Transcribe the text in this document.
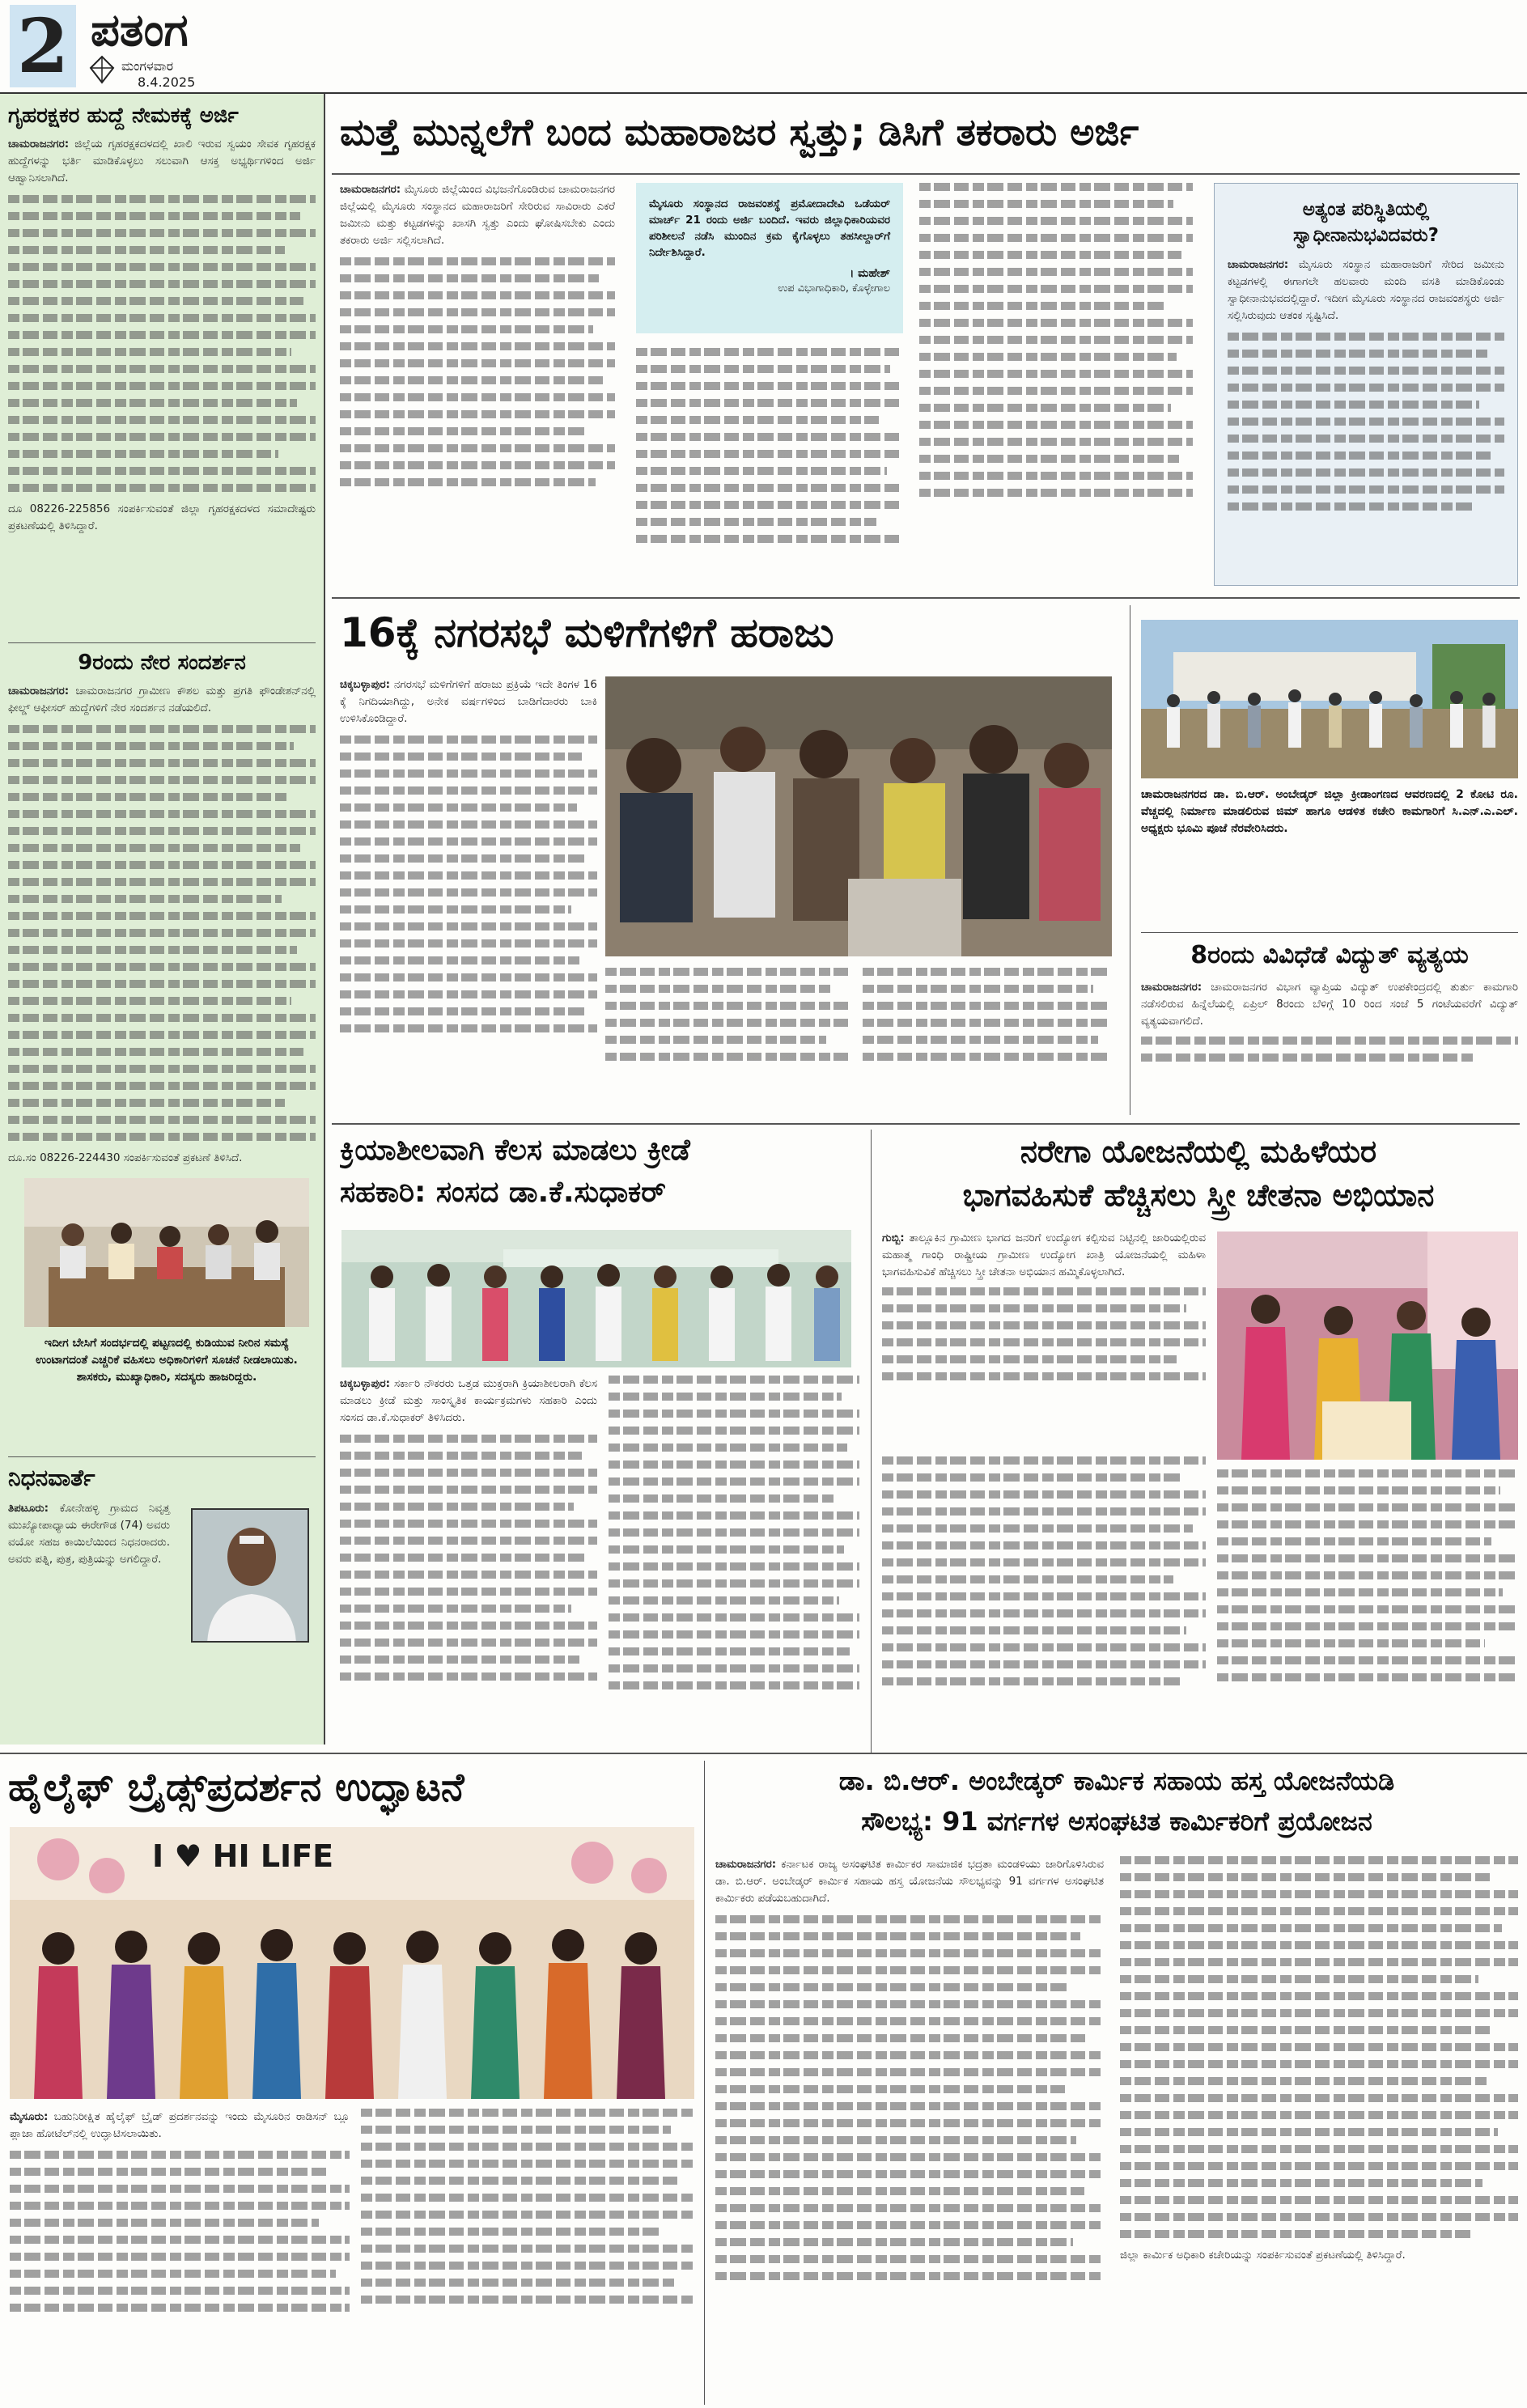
2 ಪತಂಗ
ಮಂಗಳವಾರ
8.4.2025
ಗೃಹರಕ್ಷಕರ ಹುದ್ದೆ ನೇಮಕಕ್ಕೆ ಅರ್ಜಿ
ಚಾಮರಾಜನಗರ: ಜಿಲ್ಲೆಯ ಗೃಹರಕ್ಷಕದಳದಲ್ಲಿ ಖಾಲಿ ಇರುವ ಸ್ವಯಂ ಸೇವಕ ಗೃಹರಕ್ಷಕ ಹುದ್ದೆಗಳನ್ನು ಭರ್ತಿ ಮಾಡಿಕೊಳ್ಳಲು ಸಲುವಾಗಿ ಆಸಕ್ತ ಅಭ್ಯರ್ಥಿಗಳಿಂದ ಅರ್ಜಿ ಆಹ್ವಾನಿಸಲಾಗಿದೆ.
ದೂ 08226-225856 ಸಂಪರ್ಕಿಸುವಂತೆ ಜಿಲ್ಲಾ ಗೃಹರಕ್ಷಕದಳದ ಸಮಾದೇಷ್ಟರು ಪ್ರಕಟಣೆಯಲ್ಲಿ ತಿಳಿಸಿದ್ದಾರೆ.
9ರಂದು ನೇರ ಸಂದರ್ಶನ
ಚಾಮರಾಜನಗರ: ಚಾಮರಾಜನಗರ ಗ್ರಾಮೀಣ ಕೌಶಲ ಮತ್ತು ಪ್ರಗತಿ ಫೌಂಡೇಶನ್‌ನಲ್ಲಿ ಫೀಲ್ಡ್ ಆಫೀಸರ್ ಹುದ್ದೆಗಳಿಗೆ ನೇರ ಸಂದರ್ಶನ ನಡೆಯಲಿದೆ.
ದೂ.ಸಂ 08226-224430 ಸಂಪರ್ಕಿಸುವಂತೆ ಪ್ರಕಟಣೆ ತಿಳಿಸಿದೆ.
ಇದೀಗ ಬೇಸಿಗೆ ಸಂದರ್ಭದಲ್ಲಿ ಪಟ್ಟಣದಲ್ಲಿ ಕುಡಿಯುವ ನೀರಿನ ಸಮಸ್ಯೆ ಉಂಟಾಗದಂತೆ ಎಚ್ಚರಿಕೆ ವಹಿಸಲು ಅಧಿಕಾರಿಗಳಿಗೆ ಸೂಚನೆ ನೀಡಲಾಯಿತು. ಶಾಸಕರು, ಮುಖ್ಯಾಧಿಕಾರಿ, ಸದಸ್ಯರು ಹಾಜರಿದ್ದರು.
ನಿಧನವಾರ್ತೆ
ತಿಪಟೂರು: ಕೋನೇಹಳ್ಳಿ ಗ್ರಾಮದ ನಿವೃತ್ತ ಮುಖ್ಯೋಪಾಧ್ಯಾಯ ಈರೇಗೌಡ (74) ಅವರು ವಯೋ ಸಹಜ ಕಾಯಿಲೆಯಿಂದ ನಿಧನರಾದರು. ಅವರು ಪತ್ನಿ, ಪುತ್ರ, ಪುತ್ರಿಯನ್ನು ಅಗಲಿದ್ದಾರೆ.
ಮತ್ತೆ ಮುನ್ನಲೆಗೆ ಬಂದ ಮಹಾರಾಜರ ಸ್ವತ್ತು; ಡಿಸಿಗೆ ತಕರಾರು ಅರ್ಜಿ
ಚಾಮರಾಜನಗರ: ಮೈಸೂರು ಜಿಲ್ಲೆಯಿಂದ ವಿಭಜನೆಗೊಂಡಿರುವ ಚಾಮರಾಜನಗರ ಜಿಲ್ಲೆಯಲ್ಲಿ ಮೈಸೂರು ಸಂಸ್ಥಾನದ ಮಹಾರಾಜರಿಗೆ ಸೇರಿರುವ ಸಾವಿರಾರು ಎಕರೆ ಜಮೀನು ಮತ್ತು ಕಟ್ಟಡಗಳನ್ನು ಖಾಸಗಿ ಸ್ವತ್ತು ಎಂದು ಘೋಷಿಸಬೇಕು ಎಂದು ತಕರಾರು ಅರ್ಜಿ ಸಲ್ಲಿಸಲಾಗಿದೆ.
ಮೈಸೂರು ಸಂಸ್ಥಾನದ ರಾಜವಂಶಸ್ಥೆ ಪ್ರಮೋದಾದೇವಿ ಒಡೆಯರ್ ಮಾರ್ಚ್ 21 ರಂದು ಅರ್ಜಿ ಬಂದಿದೆ. ಇವರು ಜಿಲ್ಲಾಧಿಕಾರಿಯವರ ಪರಿಶೀಲನೆ ನಡೆಸಿ ಮುಂದಿನ ಕ್ರಮ ಕೈಗೊಳ್ಳಲು ತಹಸೀಲ್ದಾರ್‌ಗೆ ನಿರ್ದೇಶಿಸಿದ್ದಾರೆ.
। ಮಹೇಶ್
ಉಪ ವಿಭಾಗಾಧಿಕಾರಿ, ಕೊಳ್ಳೇಗಾಲ
ಅತ್ಯಂತ ಪರಿಸ್ಥಿತಿಯಲ್ಲಿ ಸ್ವಾಧೀನಾನುಭವಿದವರು?
ಚಾಮರಾಜನಗರ: ಮೈಸೂರು ಸಂಸ್ಥಾನ ಮಹಾರಾಜರಿಗೆ ಸೇರಿದ ಜಮೀನು ಕಟ್ಟಡಗಳಲ್ಲಿ ಈಗಾಗಲೇ ಹಲವಾರು ಮಂದಿ ವಸತಿ ಮಾಡಿಕೊಂಡು ಸ್ವಾಧೀನಾನುಭವದಲ್ಲಿದ್ದಾರೆ. ಇದೀಗ ಮೈಸೂರು ಸಂಸ್ಥಾನದ ರಾಜವಂಶಸ್ಥರು ಅರ್ಜಿ ಸಲ್ಲಿಸಿರುವುದು ಆತಂಕ ಸೃಷ್ಟಿಸಿದೆ.
16ಕ್ಕೆ ನಗರಸಭೆ ಮಳಿಗೆಗಳಿಗೆ ಹರಾಜು
ಚಿಕ್ಕಬಳ್ಳಾಪುರ: ನಗರಸಭೆ ಮಳಿಗೆಗಳಿಗೆ ಹರಾಜು ಪ್ರಕ್ರಿಯೆ ಇದೇ ತಿಂಗಳ 16 ಕ್ಕೆ ನಿಗದಿಯಾಗಿದ್ದು, ಅನೇಕ ವರ್ಷಗಳಿಂದ ಬಾಡಿಗೆದಾರರು ಬಾಕಿ ಉಳಿಸಿಕೊಂಡಿದ್ದಾರೆ.
ಚಾಮರಾಜನಗರದ ಡಾ. ಬಿ.ಆರ್. ಅಂಬೇಡ್ಕರ್ ಜಿಲ್ಲಾ ಕ್ರೀಡಾಂಗಣದ ಆವರಣದಲ್ಲಿ 2 ಕೋಟಿ ರೂ. ವೆಚ್ಚದಲ್ಲಿ ನಿರ್ಮಾಣ ಮಾಡಲಿರುವ ಜಿಮ್ ಹಾಗೂ ಆಡಳಿತ ಕಚೇರಿ ಕಾಮಗಾರಿಗೆ ಸಿ.ಎನ್.ಎ.ಎಲ್. ಅಧ್ಯಕ್ಷರು ಭೂಮಿ ಪೂಜೆ ನೆರವೇರಿಸಿದರು.
8ರಂದು ವಿವಿಧೆಡೆ ವಿದ್ಯುತ್ ವ್ಯತ್ಯಯ
ಚಾಮರಾಜನಗರ: ಚಾಮರಾಜನಗರ ವಿಭಾಗ ವ್ಯಾಪ್ತಿಯ ವಿದ್ಯುತ್ ಉಪಕೇಂದ್ರದಲ್ಲಿ ತುರ್ತು ಕಾಮಗಾರಿ ನಡೆಸಲಿರುವ ಹಿನ್ನೆಲೆಯಲ್ಲಿ ಏಪ್ರಿಲ್ 8ರಂದು ಬೆಳಿಗ್ಗೆ 10 ರಿಂದ ಸಂಜೆ 5 ಗಂಟೆಯವರೆಗೆ ವಿದ್ಯುತ್ ವ್ಯತ್ಯಯವಾಗಲಿದೆ.
ಕ್ರಿಯಾಶೀಲವಾಗಿ ಕೆಲಸ ಮಾಡಲು ಕ್ರೀಡೆ
ಸಹಕಾರಿ: ಸಂಸದ ಡಾ.ಕೆ.ಸುಧಾಕರ್
ಚಿಕ್ಕಬಳ್ಳಾಪುರ: ಸರ್ಕಾರಿ ನೌಕರರು ಒತ್ತಡ ಮುಕ್ತರಾಗಿ ಕ್ರಿಯಾಶೀಲರಾಗಿ ಕೆಲಸ ಮಾಡಲು ಕ್ರೀಡೆ ಮತ್ತು ಸಾಂಸ್ಕೃತಿಕ ಕಾರ್ಯಕ್ರಮಗಳು ಸಹಕಾರಿ ಎಂದು ಸಂಸದ ಡಾ.ಕೆ.ಸುಧಾಕರ್ ತಿಳಿಸಿದರು.
ನರೇಗಾ ಯೋಜನೆಯಲ್ಲಿ ಮಹಿಳೆಯರ
ಭಾಗವಹಿಸುಕೆ ಹೆಚ್ಚಿಸಲು ಸ್ತ್ರೀ ಚೇತನಾ ಅಭಿಯಾನ
ಗುಬ್ಬಿ: ತಾಲ್ಲೂಕಿನ ಗ್ರಾಮೀಣ ಭಾಗದ ಜನರಿಗೆ ಉದ್ಯೋಗ ಕಲ್ಪಿಸುವ ನಿಟ್ಟಿನಲ್ಲಿ ಜಾರಿಯಲ್ಲಿರುವ ಮಹಾತ್ಮ ಗಾಂಧಿ ರಾಷ್ಟ್ರೀಯ ಗ್ರಾಮೀಣ ಉದ್ಯೋಗ ಖಾತ್ರಿ ಯೋಜನೆಯಲ್ಲಿ ಮಹಿಳಾ ಭಾಗವಹಿಸುವಿಕೆ ಹೆಚ್ಚಿಸಲು ಸ್ತ್ರೀ ಚೇತನಾ ಅಭಿಯಾನ ಹಮ್ಮಿಕೊಳ್ಳಲಾಗಿದೆ.
ಹೈಲೈಫ್ ಬ್ರೈಡ್ಸ್‌ಪ್ರದರ್ಶನ ಉದ್ಘಾಟನೆ
I ♥ HI LIFE
ಮೈಸೂರು: ಬಹುನಿರೀಕ್ಷಿತ ಹೈಲೈಫ್ ಬ್ರೈಡ್ ಪ್ರದರ್ಶನವನ್ನು ಇಂದು ಮೈಸೂರಿನ ರಾಡಿಸನ್ ಬ್ಲೂ ಪ್ಲಾಜಾ ಹೋಟೆಲ್‌ನಲ್ಲಿ ಉದ್ಘಾಟಿಸಲಾಯಿತು.
ಡಾ. ಬಿ.ಆರ್. ಅಂಬೇಡ್ಕರ್ ಕಾರ್ಮಿಕ ಸಹಾಯ ಹಸ್ತ ಯೋಜನೆಯಡಿ
ಸೌಲಭ್ಯ: 91 ವರ್ಗಗಳ ಅಸಂಘಟಿತ ಕಾರ್ಮಿಕರಿಗೆ ಪ್ರಯೋಜನ
ಚಾಮರಾಜನಗರ: ಕರ್ನಾಟಕ ರಾಜ್ಯ ಅಸಂಘಟಿತ ಕಾರ್ಮಿಕರ ಸಾಮಾಜಿಕ ಭದ್ರತಾ ಮಂಡಳಿಯು ಜಾರಿಗೊಳಿಸಿರುವ ಡಾ. ಬಿ.ಆರ್. ಅಂಬೇಡ್ಕರ್ ಕಾರ್ಮಿಕ ಸಹಾಯ ಹಸ್ತ ಯೋಜನೆಯ ಸೌಲಭ್ಯವನ್ನು 91 ವರ್ಗಗಳ ಅಸಂಘಟಿತ ಕಾರ್ಮಿಕರು ಪಡೆಯಬಹುದಾಗಿದೆ.
ಜಿಲ್ಲಾ ಕಾರ್ಮಿಕ ಅಧಿಕಾರಿ ಕಚೇರಿಯನ್ನು ಸಂಪರ್ಕಿಸುವಂತೆ ಪ್ರಕಟಣೆಯಲ್ಲಿ ತಿಳಿಸಿದ್ದಾರೆ.
